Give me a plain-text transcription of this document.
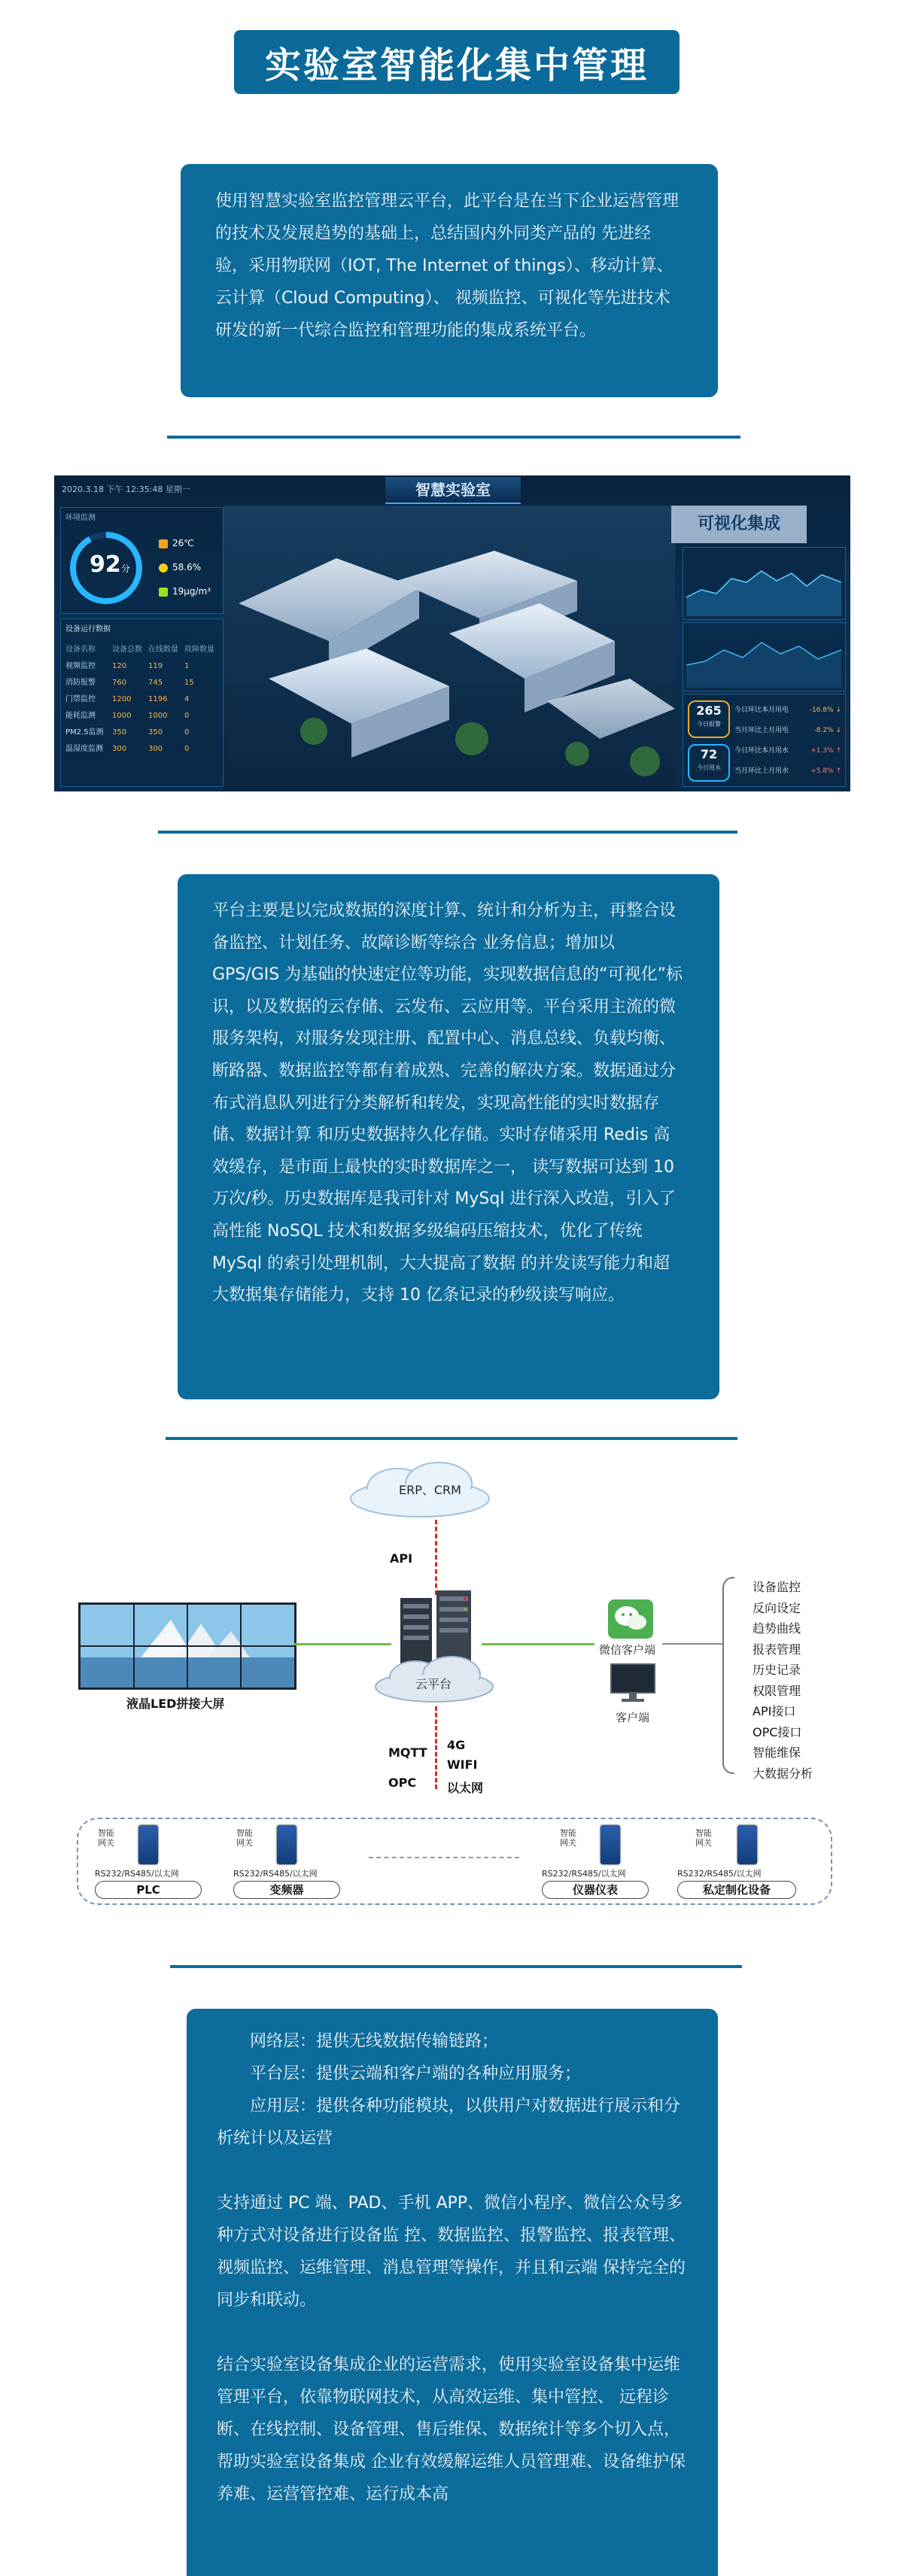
实验室智能化集中管理

使用智慧实验室监控管理云平台，此平台是在当下企业运营管理的技术及发展趋势的基础上，总结国内外同类产品的 先进经验，采用物联网（IOT, The Internet of things）、移动计算、云计算（Cloud Computing）、 视频监控、可视化等先进技术研发的新一代综合监控和管理功能的集成系统平台。

2020.3.18 下午 12:35:48 星期一	智慧实验室
环境监测
92 分
26℃
58.6%
19μg/m³
设备运行数据
设备名称	设备总数 在线数量 故障数量
视频监控	120	119	1
消防报警	760	745	15
门禁监控	1200	1196	4
能耗监测	1000	1000	0
PM2.5监测	350	350	0
温湿度监测	300	300	0
可视化集成
265
今日报警
72
今日用水
今日环比本月用电	-16.8% ↓
当月环比上月用电	-8.2% ↓
今日环比本月用水	+1.3% ↑
当月环比上月用水	+5.8% ↑

平台主要是以完成数据的深度计算、统计和分析为主，再整合设备监控、计划任务、故障诊断等综合 业务信息；增加以 GPS/GIS 为基础的快速定位等功能，实现数据信息的“可视化”标识，以及数据的云存储、云发布、云应用等。平台采用主流的微服务架构，对服务发现注册、配置中心、消息总线、负载均衡、断路器、数据监控等都有着成熟、完善的解决方案。数据通过分布式消息队列进行分类解析和转发，实现高性能的实时数据存储、数据计算 和历史数据持久化存储。实时存储采用 Redis 高效缓存，是市面上最快的实时数据库之一， 读写数据可达到 10 万次/秒。历史数据库是我司针对 MySql 进行深入改造，引入了高性能 NoSQL 技术和数据多级编码压缩技术，优化了传统 MySql 的索引处理机制，大大提高了数据 的并发读写能力和超大数据集存储能力，支持 10 亿条记录的秒级读写响应。

ERP、CRM
API
液晶LED拼接大屏
云平台
MQTT
OPC
4G
WIFI
以太网
微信客户端
客户端
智能网关
RS232/RS485/以太网
PLC
智能网关
RS232/RS485/以太网
变频器
智能网关
RS232/RS485/以太网
仪器仪表
智能网关
RS232/RS485/以太网
私定制化设备
设备监控
反向设定
趋势曲线
报表管理
历史记录
权限管理
API接口
OPC接口
智能维保
大数据分析

网络层：提供无线数据传输链路；

平台层：提供云端和客户端的各种应用服务；

应用层：提供各种功能模块，以供用户对数据进行展示和分析统计以及运营

支持通过 PC 端、PAD、手机 APP、微信小程序、微信公众号多种方式对设备进行设备监 控、数据监控、报警监控、报表管理、视频监控、运维管理、消息管理等操作，并且和云端 保持完全的同步和联动。

结合实验室设备集成企业的运营需求，使用实验室设备集中运维管理平台，依靠物联网技术，从高效运维、集中管控、 远程诊断、在线控制、设备管理、售后维保、数据统计等多个切入点，帮助实验室设备集成 企业有效缓解运维人员管理难、设备维护保养难、运营管控难、运行成本高
